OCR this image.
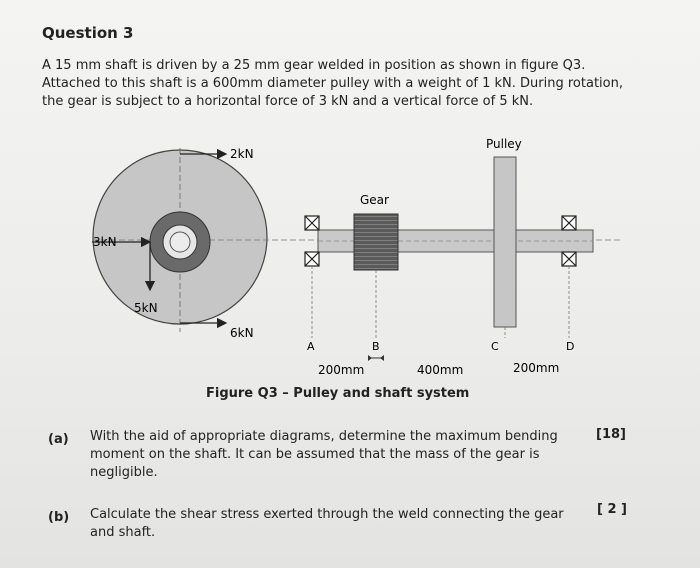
Question 3
A 15 mm shaft is driven by a 25 mm gear welded in position as shown in figure Q3.
Attached to this shaft is a 600mm diameter pulley with a weight of 1 kN. During rotation,
the gear is subject to a horizontal force of 3 kN and a vertical force of 5 kN.
2kN
3kN
5kN
6kN
Gear
Pulley
A	B	C	D
200mm	400mm	200mm
Figure Q3 – Pulley and shaft system
(a) With the aid of appropriate diagrams, determine the maximum bending
moment on the shaft. It can be assumed that the mass of the gear is
negligible.
[18]
(b) Calculate the shear stress exerted through the weld connecting the gear
and shaft.
[ 2 ]
